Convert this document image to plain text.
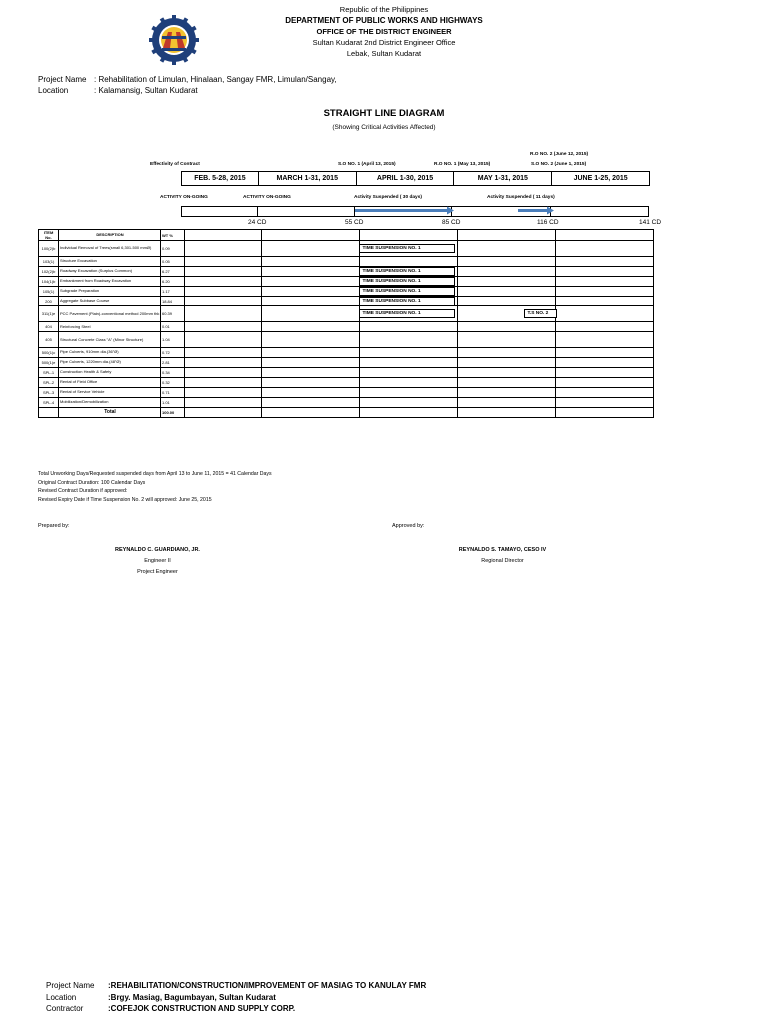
Republic of the Philippines
DEPARTMENT OF PUBLIC WORKS AND HIGHWAYS
OFFICE OF THE DISTRICT ENGINEER
Sultan Kudarat 2nd District Engineer Office
Lebak, Sultan Kudarat
Project Name : Rehabilitation of Limulan, Hinalaan, Sangay FMR, Limulan/Sangay,
Location	: Kalamansig, Sultan Kudarat
STRAIGHT LINE DIAGRAM
(Showing Critical Activities Affected)
R.O NO. 2 (June 12, 2015)
Effectivity of Contract	S.O NO. 1 (April 13, 2015)	R.O NO. 1 (May 13, 2015)	S.O NO. 2 (June 1, 2015)
FEB. 5-28, 2015	MARCH 1-31, 2015	APRIL 1-30, 2015	MAY 1-31, 2015	JUNE 1-25, 2015
ACTIVITY ON-GOING	ACTIVITY ON-GOING	Activity Suspended ( 30 days)	Activity Suspended ( 11 days)
24 CD	55 CD	85 CD	116 CD	141 CD
ITEM
No.	DESCRIPTION	WT %					
100(2)b	Individual Removal of Trees(small 6,301-500 mmØ)	0.09					
103(1)	Structure Excavation	0.05					
102(2)b	Roadway Excavation (Surplus Common)	6.27					
104(1)b	Embankment from Roadway Excavation	6.20					
105(1)	Subgrade Preparation	1.17					
200	Aggregate Subbase Course	18.84					
311(1)e	PCC Pavement (Plain)-conventional method 200mm thk	60.39					
404	Reinforcing Steel	0.01					
405	Structural Concrete Class "A" (Minor Structure)	1.04					
500(1)c	Pipe Culverts, 910mm dia.(36"Ø)	0.72					
500(1)e	Pipe Culverts, 1220mm dia.(48"Ø)	2.81					
SPL-1	Construction Health & Safety	0.34					
SPL-2	Rental of Field Office	0.32					
SPL-3	Rental of Service Vehicle	0.71					
SPL-4	Mobilization/Demobilization	1.01					
	Total	100.00					
Total Unworking Days/Requested suspended days from April 13 to June 11, 2015 = 41 Calendar Days
Original Contract Duration: 100 Calendar Days
Revised Contract Duration if approved:
Revised Expiry Date if Time Suspension No. 2 will approved: June 25, 2015
Prepared by:	Approved by:
REYNALDO C. GUARDIANO, JR.
Engineer II
Project Engineer
REYNALDO S. TAMAYO, CESO IV
Regional Director
Project Name :REHABILITATION/CONSTRUCTION/IMPROVEMENT OF MASIAG TO KANULAY FMR
Location	:Brgy. Masiag, Bagumbayan, Sultan Kudarat
Contractor	:COFEJOK CONSTRUCTION AND SUPPLY CORP.
TIME SUSPENSION NO. 1
TIME SUSPENSION NO. 1
TIME SUSPENSION NO. 1
TIME SUSPENSION NO. 1
TIME SUSPENSION NO. 1
TIME SUSPENSION NO. 1	T.S NO. 2
